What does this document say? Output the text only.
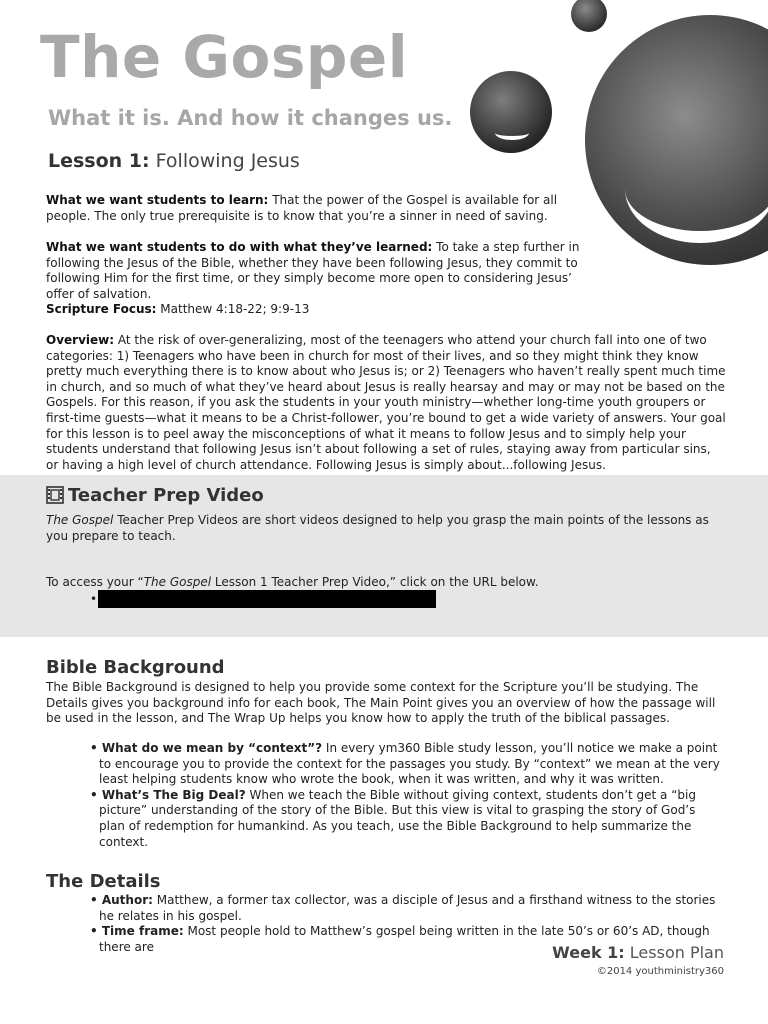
The Gospel
What it is. And how it changes us.
Lesson 1: Following Jesus
What we want students to learn: That the power of the Gospel is available for all people. The only true prerequisite is to know that you’re a sinner in need of saving.
What we want students to do with what they’ve learned: To take a step further in following the Jesus of the Bible, whether they have been following Jesus, they commit to following Him for the first time, or they simply become more open to considering Jesus’ offer of salvation.
Scripture Focus: Matthew 4:18-22; 9:9-13
Overview: At the risk of over-generalizing, most of the teenagers who attend your church fall into one of two categories: 1) Teenagers who have been in church for most of their lives, and so they might think they know pretty much everything there is to know about who Jesus is; or 2) Teenagers who haven’t really spent much time in church, and so much of what they’ve heard about Jesus is really hearsay and may or may not be based on the Gospels. For this reason, if you ask the students in your youth ministry—whether long-time youth groupers or first-time guests—what it means to be a Christ-follower, you’re bound to get a wide variety of answers. Your goal for this lesson is to peel away the misconceptions of what it means to follow Jesus and to simply help your students understand that following Jesus isn’t about following a set of rules, staying away from particular sins, or having a high level of church attendance. Following Jesus is simply about...following Jesus.
Teacher Prep Video
The Gospel Teacher Prep Videos are short videos designed to help you grasp the main points of the lessons as you prepare to teach.
To access your “The Gospel Lesson 1 Teacher Prep Video,” click on the URL below.
•
Bible Background
The Bible Background is designed to help you provide some context for the Scripture you’ll be studying. The Details gives you background info for each book, The Main Point gives you an overview of how the passage will be used in the lesson, and The Wrap Up helps you know how to apply the truth of the biblical passages.
• What do we mean by “context”? In every ym360 Bible study lesson, you’ll notice we make a point to encourage you to provide the context for the passages you study. By “context” we mean at the very least helping students know who wrote the book, when it was written, and why it was written.
• What’s The Big Deal? When we teach the Bible without giving context, students don’t get a “big picture” understanding of the story of the Bible. But this view is vital to grasping the story of God’s plan of redemption for humankind. As you teach, use the Bible Background to help summarize the context.
The Details
• Author: Matthew, a former tax collector, was a disciple of Jesus and a firsthand witness to the stories he relates in his gospel.
• Time frame: Most people hold to Matthew’s gospel being written in the late 50’s or 60’s AD, though there are	Week 1: Lesson Plan
©2014 youthministry360
